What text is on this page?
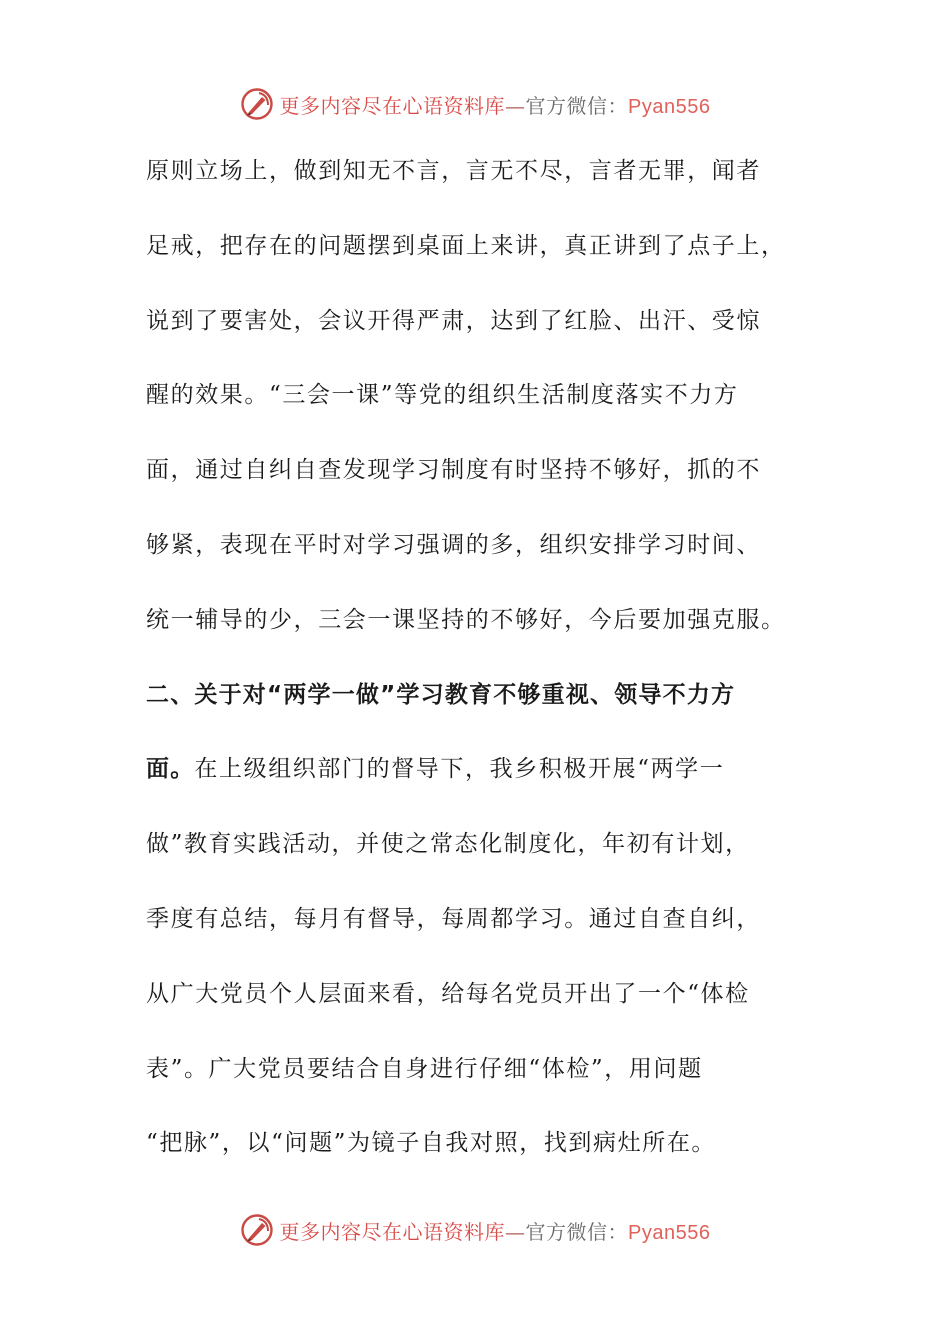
更多内容尽在心语资料库—官方微信：Pyan556
原则立场上，做到知无不言，言无不尽，言者无罪，闻者
足戒，把存在的问题摆到桌面上来讲，真正讲到了点子上，
说到了要害处，会议开得严肃，达到了红脸、出汗、受惊
醒的效果。“三会一课”等党的组织生活制度落实不力方
面，通过自纠自查发现学习制度有时坚持不够好，抓的不
够紧，表现在平时对学习强调的多，组织安排学习时间、
统一辅导的少，三会一课坚持的不够好，今后要加强克服。
二、关于对“两学一做”学习教育不够重视、领导不力方
面。在上级组织部门的督导下，我乡积极开展“两学一
做”教育实践活动，并使之常态化制度化，年初有计划，
季度有总结，每月有督导，每周都学习。通过自查自纠，
从广大党员个人层面来看，给每名党员开出了一个“体检
表”。广大党员要结合自身进行仔细“体检”，用问题
“把脉”，以“问题”为镜子自我对照，找到病灶所在。
更多内容尽在心语资料库—官方微信：Pyan556
